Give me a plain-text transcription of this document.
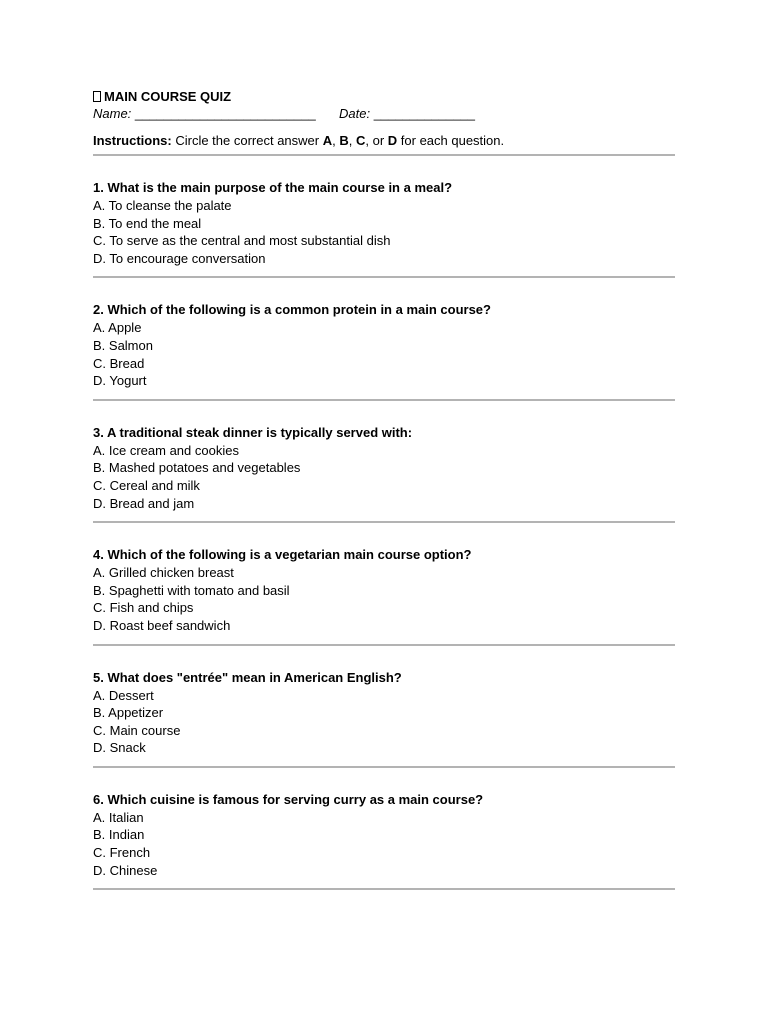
MAIN COURSE QUIZ
Name: _________________________ Date: ______________
Instructions: Circle the correct answer A, B, C, or D for each question.
1. What is the main purpose of the main course in a meal?
A. To cleanse the palate
B. To end the meal
C. To serve as the central and most substantial dish
D. To encourage conversation
2. Which of the following is a common protein in a main course?
A. Apple
B. Salmon
C. Bread
D. Yogurt
3. A traditional steak dinner is typically served with:
A. Ice cream and cookies
B. Mashed potatoes and vegetables
C. Cereal and milk
D. Bread and jam
4. Which of the following is a vegetarian main course option?
A. Grilled chicken breast
B. Spaghetti with tomato and basil
C. Fish and chips
D. Roast beef sandwich
5. What does "entrée" mean in American English?
A. Dessert
B. Appetizer
C. Main course
D. Snack
6. Which cuisine is famous for serving curry as a main course?
A. Italian
B. Indian
C. French
D. Chinese
